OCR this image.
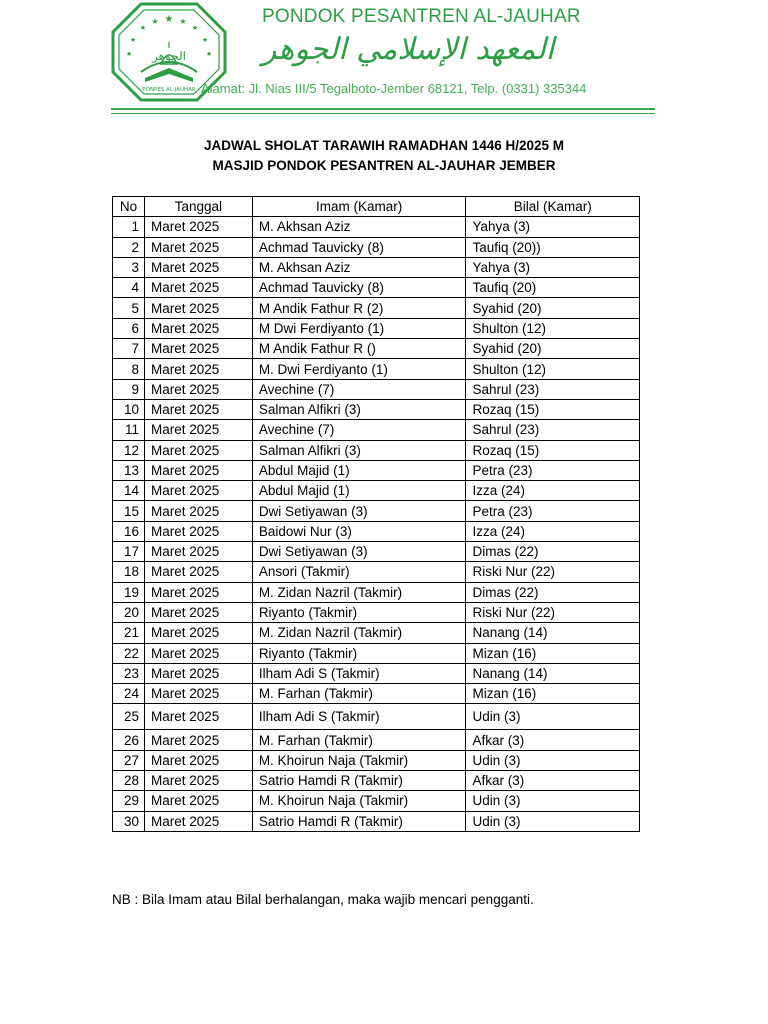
★
★	★
★	★
★	★
★	★
الجوهر
PONPES AL JAUHAR
PONDOK PESANTREN AL-JAUHAR
المعهد الإسلامي الجوهر
Alamat: Jl. Nias III/5 Tegalboto-Jember 68121, Telp. (0331) 335344
JADWAL SHOLAT TARAWIH RAMADHAN 1446 H/2025 M
MASJID PONDOK PESANTREN AL-JAUHAR JEMBER
No	Tanggal	Imam (Kamar)	Bilal (Kamar)
1	Maret 2025	M. Akhsan Aziz	Yahya (3)
2	Maret 2025	Achmad Tauvicky (8)	Taufiq (20))
3	Maret 2025	M. Akhsan Aziz	Yahya (3)
4	Maret 2025	Achmad Tauvicky (8)	Taufiq (20)
5	Maret 2025	M Andik Fathur R (2)	Syahid (20)
6	Maret 2025	M Dwi Ferdiyanto (1)	Shulton (12)
7	Maret 2025	M Andik Fathur R ()	Syahid (20)
8	Maret 2025	M. Dwi Ferdiyanto (1)	Shulton (12)
9	Maret 2025	Avechine (7)	Sahrul (23)
10	Maret 2025	Salman Alfikri (3)	Rozaq (15)
11	Maret 2025	Avechine (7)	Sahrul (23)
12	Maret 2025	Salman Alfikri (3)	Rozaq (15)
13	Maret 2025	Abdul Majid (1)	Petra (23)
14	Maret 2025	Abdul Majid (1)	Izza (24)
15	Maret 2025	Dwi Setiyawan (3)	Petra (23)
16	Maret 2025	Baidowi Nur (3)	Izza (24)
17	Maret 2025	Dwi Setiyawan (3)	Dimas (22)
18	Maret 2025	Ansori (Takmir)	Riski Nur (22)
19	Maret 2025	M. Zidan Nazril (Takmir)	Dimas (22)
20	Maret 2025	Riyanto (Takmir)	Riski Nur (22)
21	Maret 2025	M. Zidan Nazril (Takmir)	Nanang (14)
22	Maret 2025	Riyanto (Takmir)	Mizan (16)
23	Maret 2025	Ilham Adi S (Takmir)	Nanang (14)
24	Maret 2025	M. Farhan (Takmir)	Mizan (16)
25	Maret 2025	Ilham Adi S (Takmir)	Udin (3)
26	Maret 2025	M. Farhan (Takmir)	Afkar (3)
27	Maret 2025	M. Khoirun Naja (Takmir)	Udin (3)
28	Maret 2025	Satrio Hamdi R (Takmir)	Afkar (3)
29	Maret 2025	M. Khoirun Naja (Takmir)	Udin (3)
30	Maret 2025	Satrio Hamdi R (Takmir)	Udin (3)
NB : Bila Imam atau Bilal berhalangan, maka wajib mencari pengganti.
